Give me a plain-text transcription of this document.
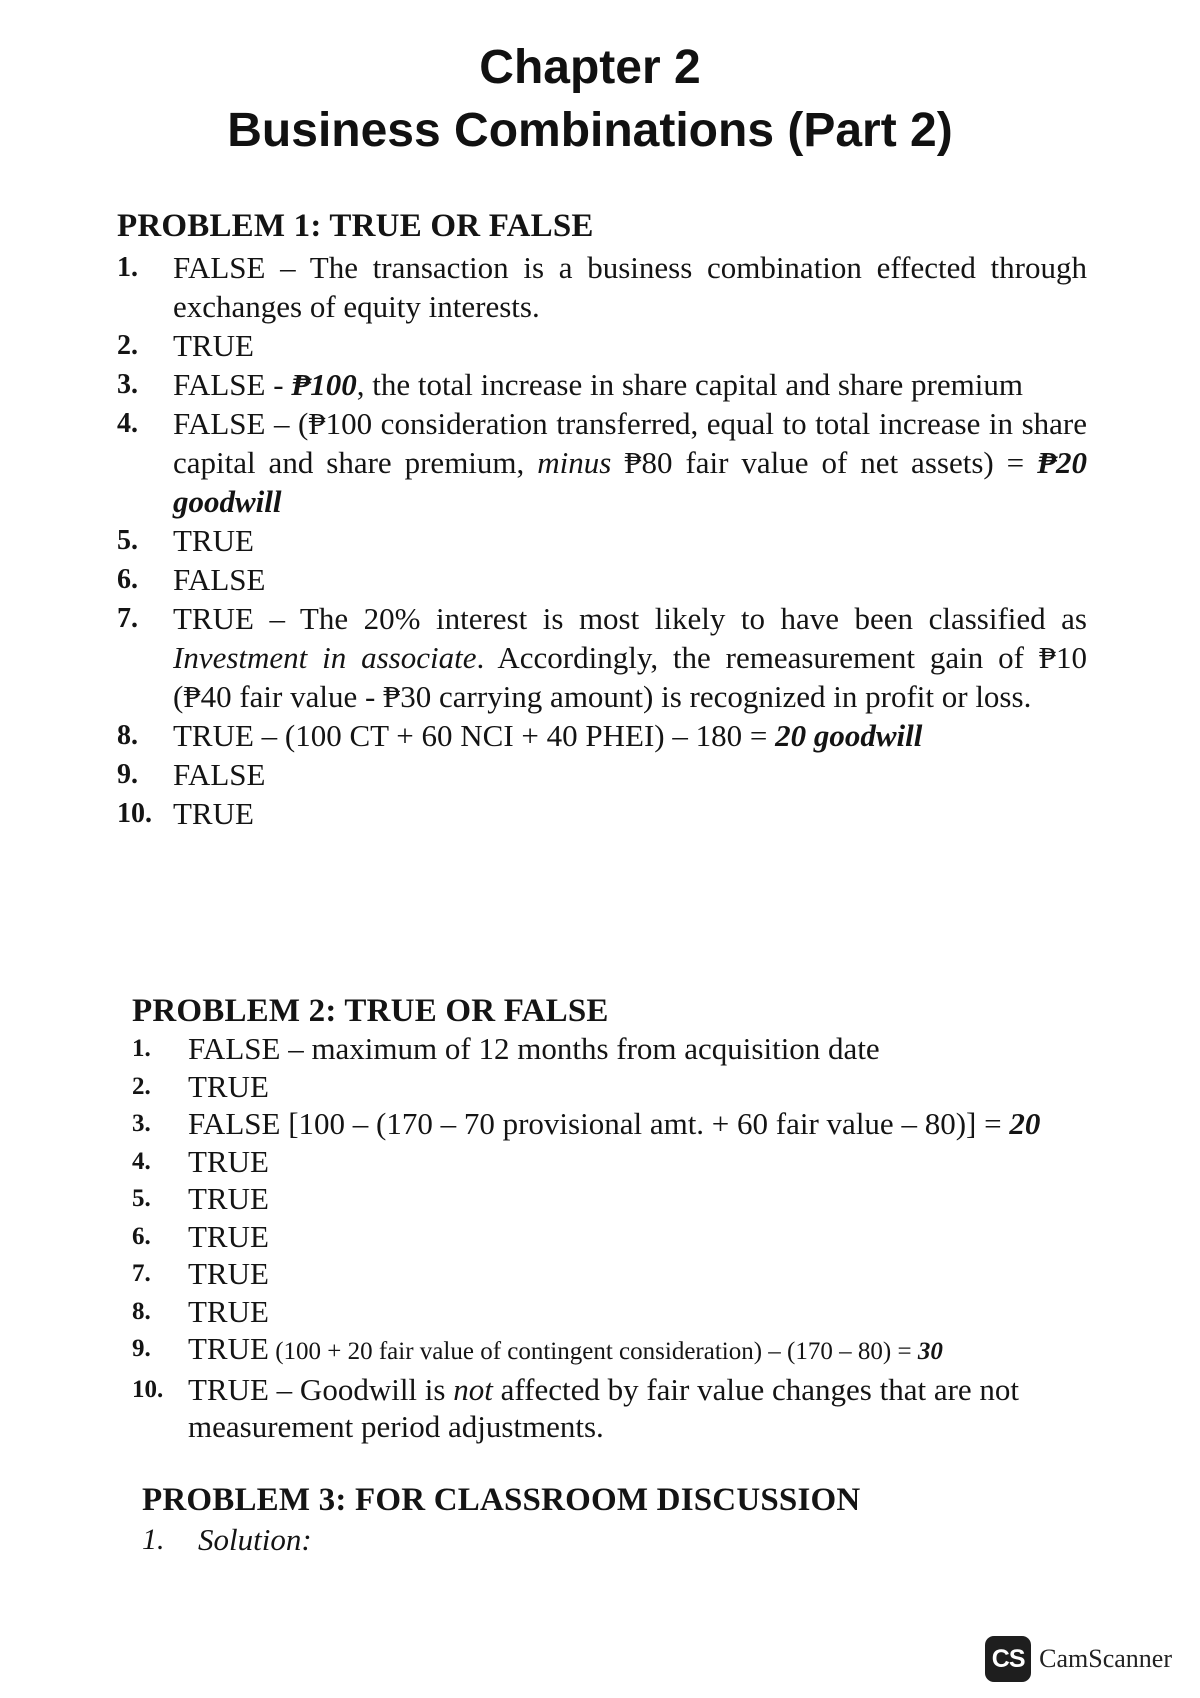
Chapter 2
Business Combinations (Part 2)
PROBLEM 1: TRUE OR FALSE
1. FALSE – The transaction is a business combination effected through exchanges of equity interests.
2. TRUE
3. FALSE - ₱100, the total increase in share capital and share premium
4. FALSE – (₱100 consideration transferred, equal to total increase in share capital and share premium, minus ₱80 fair value of net assets) = ₱20 goodwill
5. TRUE
6. FALSE
7. TRUE – The 20% interest is most likely to have been classified as Investment in associate. Accordingly, the remeasurement gain of ₱10 (₱40 fair value - ₱30 carrying amount) is recognized in profit or loss.
8. TRUE – (100 CT + 60 NCI + 40 PHEI) – 180 = 20 goodwill
9. FALSE
10. TRUE
PROBLEM 2: TRUE OR FALSE
1. FALSE – maximum of 12 months from acquisition date
2. TRUE
3. FALSE [100 – (170 – 70 provisional amt. + 60 fair value – 80)] = 20
4. TRUE
5. TRUE
6. TRUE
7. TRUE
8. TRUE
9. TRUE (100 + 20 fair value of contingent consideration) – (170 – 80) = 30
10. TRUE – Goodwill is not affected by fair value changes that are not measurement period adjustments.
PROBLEM 3: FOR CLASSROOM DISCUSSION
1. Solution:
CS CamScanner
